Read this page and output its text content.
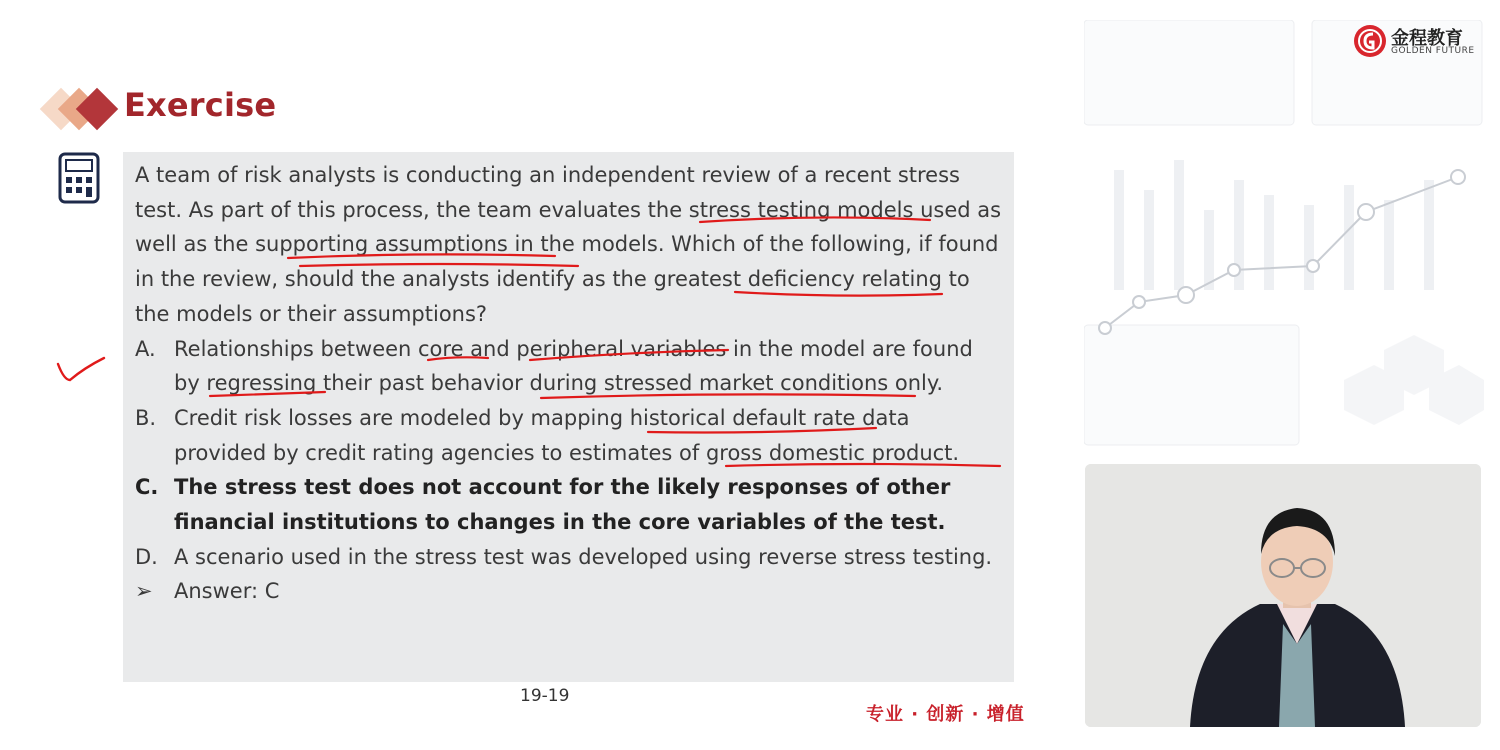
Exercise
A team of risk analysts is conducting an independent review of a recent stress test. As part of this process, the team evaluates the stress testing models used as well as the supporting assumptions in the models. Which of the following, if found in the review, should the analysts identify as the greatest deficiency relating to the models or their assumptions?
A. Relationships between core and peripheral variables in the model are found by regressing their past behavior during stressed market conditions only.
B. Credit risk losses are modeled by mapping historical default rate data provided by credit rating agencies to estimates of gross domestic product.
C. The stress test does not account for the likely responses of other financial institutions to changes in the core variables of the test.
D. A scenario used in the stress test was developed using reverse stress testing.
➢ Answer: C
19-19
专业 · 创新 · 增值
金程教育
GOLDEN FUTURE
